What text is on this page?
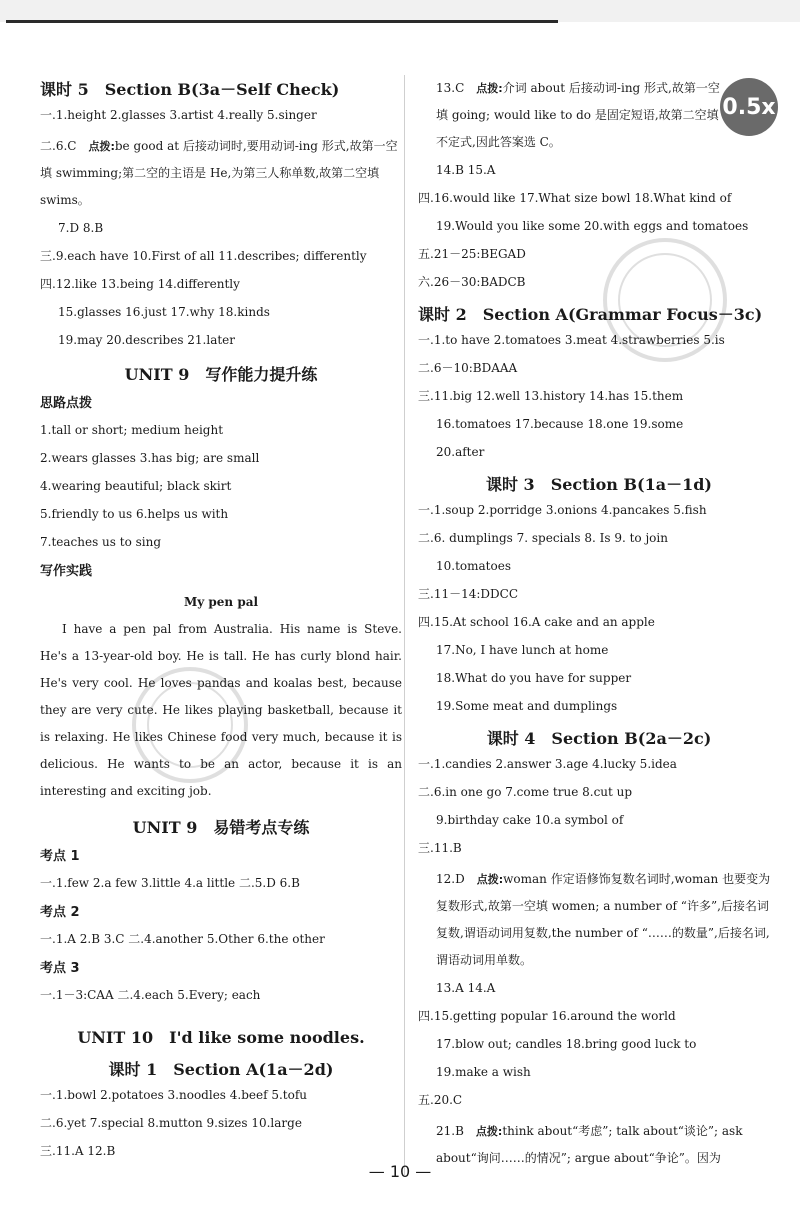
0.5x
课时 5　Section B(3a－Self Check)
一.1.height 2.glasses 3.artist 4.really 5.singer
二.6.C　点拨:be good at 后接动词时,要用动词-ing 形式,故第一空填 swimming;第二空的主语是 He,为第三人称单数,故第二空填 swims。
7.D 8.B
三.9.each have 10.First of all 11.describes; differently
四.12.like 13.being 14.differently
15.glasses 16.just 17.why 18.kinds
19.may 20.describes 21.later
UNIT 9　写作能力提升练
思路点拨
1.tall or short; medium height
2.wears glasses 3.has big; are small
4.wearing beautiful; black skirt
5.friendly to us 6.helps us with
7.teaches us to sing
写作实践
My pen pal
I have a pen pal from Australia. His name is Steve. He's a 13-year-old boy. He is tall. He has curly blond hair. He's very cool. He loves pandas and koalas best, because they are very cute. He likes playing basketball, because it is relaxing. He likes Chinese food very much, because it is delicious. He wants to be an actor, because it is an interesting and exciting job.
UNIT 9　易错考点专练
考点 1
一.1.few 2.a few 3.little 4.a little 二.5.D 6.B
考点 2
一.1.A 2.B 3.C 二.4.another 5.Other 6.the other
考点 3
一.1－3:CAA 二.4.each 5.Every; each
UNIT 10　I'd like some noodles.
课时 1　Section A(1a－2d)
一.1.bowl 2.potatoes 3.noodles 4.beef 5.tofu
二.6.yet 7.special 8.mutton 9.sizes 10.large
三.11.A 12.B
13.C　点拨:介词 about 后接动词-ing 形式,故第一空填 going; would like to do 是固定短语,故第二空填不定式,因此答案选 C。
14.B 15.A
四.16.would like 17.What size bowl 18.What kind of
19.Would you like some 20.with eggs and tomatoes
五.21－25:BEGAD
六.26－30:BADCB
课时 2　Section A(Grammar Focus－3c)
一.1.to have 2.tomatoes 3.meat 4.strawberries 5.is
二.6－10:BDAAA
三.11.big 12.well 13.history 14.has 15.them
16.tomatoes 17.because 18.one 19.some
20.after
课时 3　Section B(1a－1d)
一.1.soup 2.porridge 3.onions 4.pancakes 5.fish
二.6. dumplings 7. specials 8. Is 9. to join
10.tomatoes
三.11－14:DDCC
四.15.At school 16.A cake and an apple
17.No, I have lunch at home
18.What do you have for supper
19.Some meat and dumplings
课时 4　Section B(2a－2c)
一.1.candies 2.answer 3.age 4.lucky 5.idea
二.6.in one go 7.come true 8.cut up
9.birthday cake 10.a symbol of
三.11.B
12.D　点拨:woman 作定语修饰复数名词时,woman 也要变为复数形式,故第一空填 women; a number of “许多”,后接名词复数,谓语动词用复数,the number of “……的数量”,后接名词,谓语动词用单数。
13.A 14.A
四.15.getting popular 16.around the world
17.blow out; candles 18.bring good luck to
19.make a wish
五.20.C
21.B　点拨:think about“考虑”; talk about“谈论”; ask about“询问……的情况”; argue about“争论”。因为
— 10 —
